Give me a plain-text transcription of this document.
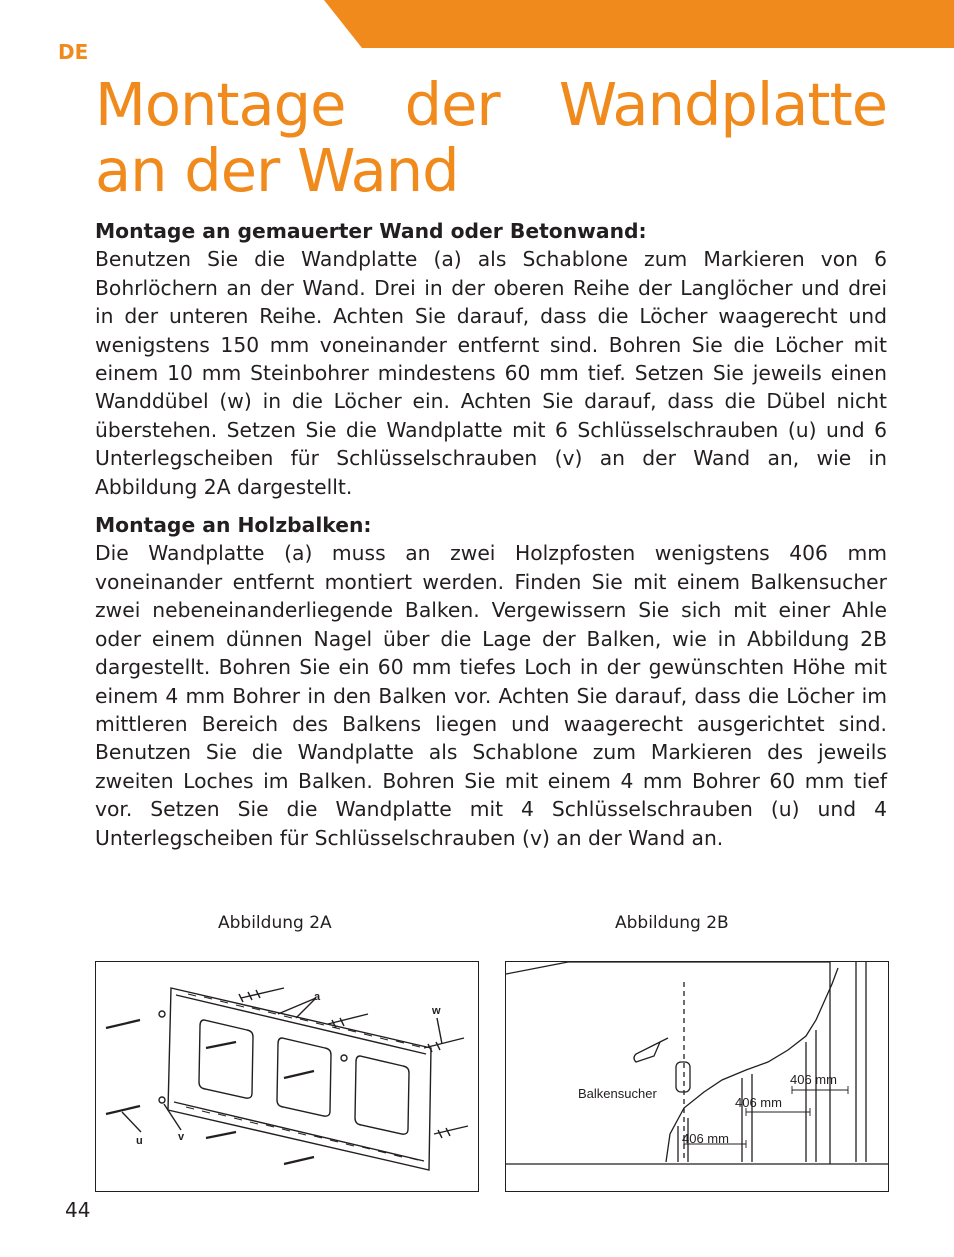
DE
Montage der Wandplatte an der Wand
Montage an gemauerter Wand oder Betonwand:

Benutzen Sie die Wandplatte (a) als Schablone zum Markieren von 6 Bohrlöchern an der Wand. Drei in der oberen Reihe der Langlöcher und drei in der unteren Reihe. Achten Sie darauf, dass die Löcher waagerecht und wenigstens 150 mm voneinander entfernt sind. Bohren Sie die Löcher mit einem 10 mm Steinbohrer mindestens 60 mm tief. Setzen Sie jeweils einen Wanddübel (w) in die Löcher ein. Achten Sie darauf, dass die Dübel nicht überstehen. Setzen Sie die Wandplatte mit 6 Schlüsselschrauben (u) und 6 Unterlegscheiben für Schlüsselschrauben (v) an der Wand an, wie in Abbildung 2A dargestellt.

Montage an Holzbalken:

Die Wandplatte (a) muss an zwei Holzpfosten wenigstens 406 mm voneinander entfernt montiert werden. Finden Sie mit einem Balkensucher zwei nebeneinanderliegende Balken. Vergewissern Sie sich mit einer Ahle oder einem dünnen Nagel über die Lage der Balken, wie in Abbildung 2B dargestellt. Bohren Sie ein 60 mm tiefes Loch in der gewünschten Höhe mit einem 4 mm Bohrer in den Balken vor. Achten Sie darauf, dass die Löcher im mittleren Bereich des Balkens liegen und waagerecht ausgerichtet sind. Benutzen Sie die Wandplatte als Schablone zum Markieren des jeweils zweiten Loches im Balken. Bohren Sie mit einem 4 mm Bohrer 60 mm tief vor. Setzen Sie die Wandplatte mit 4 Schlüsselschrauben (u) und 4 Unterlegscheiben für Schlüsselschrauben (v) an der Wand an.

Abbildung 2A	Abbildung 2B
a
w
u	v
Balkensucher
406 mm
406 mm
406 mm
44
